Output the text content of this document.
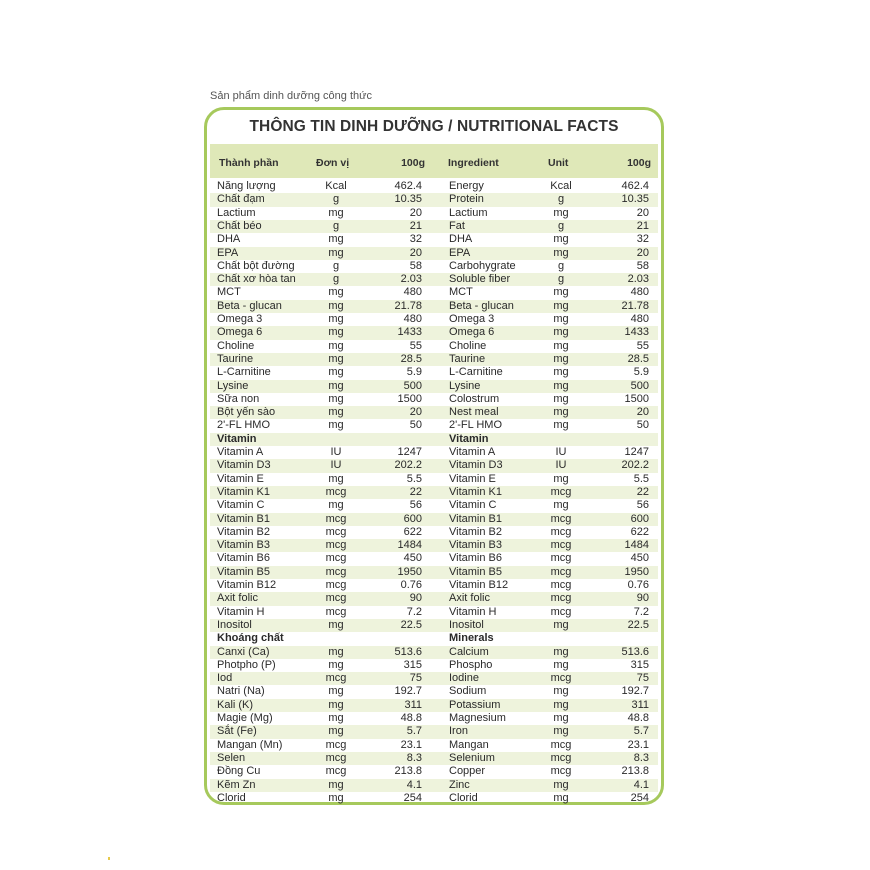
Sản phẩm dinh dưỡng công thức
THÔNG TIN DINH DƯỠNG / NUTRITIONAL FACTS
Thành phần	Đơn vị	100g Ingredient	Unit	100g
Năng lượng	Kcal	462.4 Energy	Kcal	462.4
Chất đạm	g	10.35 Protein	g	10.35
Lactium	mg	20 Lactium	mg	20
Chất béo	g	21 Fat	g	21
DHA	mg	32 DHA	mg	32
EPA	mg	20 EPA	mg	20
Chất bột đường	g	58 Carbohygrate	g	58
Chất xơ hòa tan	g	2.03 Soluble fiber	g	2.03
MCT	mg	480 MCT	mg	480
Beta - glucan	mg	21.78 Beta - glucan	mg	21.78
Omega 3	mg	480 Omega 3	mg	480
Omega 6	mg	1433 Omega 6	mg	1433
Choline	mg	55 Choline	mg	55
Taurine	mg	28.5 Taurine	mg	28.5
L-Carnitine	mg	5.9 L-Carnitine	mg	5.9
Lysine	mg	500 Lysine	mg	500
Sữa non	mg	1500 Colostrum	mg	1500
Bột yến sào	mg	20 Nest meal	mg	20
2'-FL HMO	mg	50 2'-FL HMO	mg	50
Vitamin	Vitamin
Vitamin A	IU	1247 Vitamin A	IU	1247
Vitamin D3	IU	202.2 Vitamin D3	IU	202.2
Vitamin E	mg	5.5 Vitamin E	mg	5.5
Vitamin K1	mcg	22 Vitamin K1	mcg	22
Vitamin C	mg	56 Vitamin C	mg	56
Vitamin B1	mcg	600 Vitamin B1	mcg	600
Vitamin B2	mcg	622 Vitamin B2	mcg	622
Vitamin B3	mcg	1484 Vitamin B3	mcg	1484
Vitamin B6	mcg	450 Vitamin B6	mcg	450
Vitamin B5	mcg	1950 Vitamin B5	mcg	1950
Vitamin B12	mcg	0.76 Vitamin B12	mcg	0.76
Axit folic	mcg	90 Axit folic	mcg	90
Vitamin H	mcg	7.2 Vitamin H	mcg	7.2
Inositol	mg	22.5 Inositol	mg	22.5
Khoáng chất	Minerals
Canxi (Ca)	mg	513.6 Calcium	mg	513.6
Photpho (P)	mg	315 Phospho	mg	315
Iod	mcg	75 Iodine	mcg	75
Natri (Na)	mg	192.7 Sodium	mg	192.7
Kali (K)	mg	311 Potassium	mg	311
Magie (Mg)	mg	48.8 Magnesium	mg	48.8
Sắt (Fe)	mg	5.7 Iron	mg	5.7
Mangan (Mn)	mcg	23.1 Mangan	mcg	23.1
Selen	mcg	8.3 Selenium	mcg	8.3
Đồng Cu	mcg	213.8 Copper	mcg	213.8
Kẽm Zn	mg	4.1 Zinc	mg	4.1
Clorid	mg	254 Clorid	mg	254
